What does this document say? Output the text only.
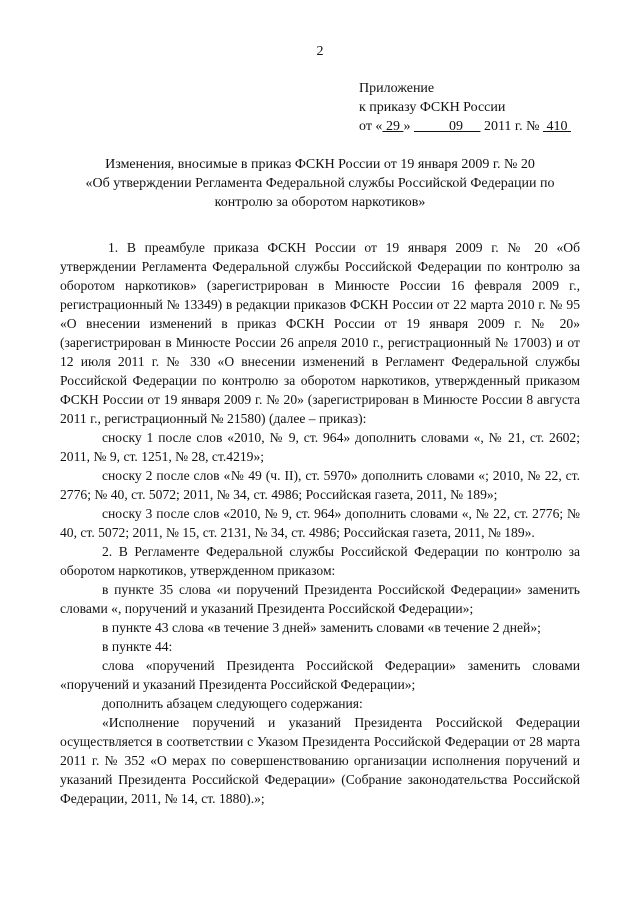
2
Приложение
к приказу ФСКН России
от « 29 »	09 2011 г. № 410
Изменения, вносимые в приказ ФСКН России от 19 января 2009 г. № 20
«Об утверждении Регламента Федеральной службы Российской Федерации по
контролю за оборотом наркотиков»

1. В преамбуле приказа ФСКН России от 19 января 2009 г. № 20 «Об утверждении Регламента Федеральной службы Российской Федерации по контролю за оборотом наркотиков» (зарегистрирован в Минюсте России 16 февраля 2009 г., регистрационный № 13349) в редакции приказов ФСКН России от 22 марта 2010 г. № 95 «О внесении изменений в приказ ФСКН России от 19 января 2009 г. № 20» (зарегистрирован в Минюсте России 26 апреля 2010 г., регистрационный № 17003) и от 12 июля 2011 г. № 330 «О внесении изменений в Регламент Федеральной службы Российской Федерации по контролю за оборотом наркотиков, утвержденный приказом ФСКН России от 19 января 2009 г. № 20» (зарегистрирован в Минюсте России 8 августа 2011 г., регистрационный № 21580) (далее – приказ):

сноску 1 после слов «2010, № 9, ст. 964» дополнить словами «, № 21, ст. 2602; 2011, № 9, ст. 1251, № 28, ст.4219»;

сноску 2 после слов «№ 49 (ч. II), ст. 5970» дополнить словами «; 2010, № 22, ст. 2776; № 40, ст. 5072; 2011, № 34, ст. 4986; Российская газета, 2011, № 189»;

сноску 3 после слов «2010, № 9, ст. 964» дополнить словами «, № 22, ст. 2776; № 40, ст. 5072; 2011, № 15, ст. 2131, № 34, ст. 4986; Российская газета, 2011, № 189».

2. В Регламенте Федеральной службы Российской Федерации по контролю за оборотом наркотиков, утвержденном приказом:

в пункте 35 слова «и поручений Президента Российской Федерации» заменить словами «, поручений и указаний Президента Российской Федерации»;

в пункте 43 слова «в течение 3 дней» заменить словами «в течение 2 дней»;

в пункте 44:

слова «поручений Президента Российской Федерации» заменить словами «поручений и указаний Президента Российской Федерации»;

дополнить абзацем следующего содержания:

«Исполнение поручений и указаний Президента Российской Федерации осуществляется в соответствии с Указом Президента Российской Федерации от 28 марта 2011 г. № 352 «О мерах по совершенствованию организации исполнения поручений и указаний Президента Российской Федерации» (Собрание законодательства Российской Федерации, 2011, № 14, ст. 1880).»;
